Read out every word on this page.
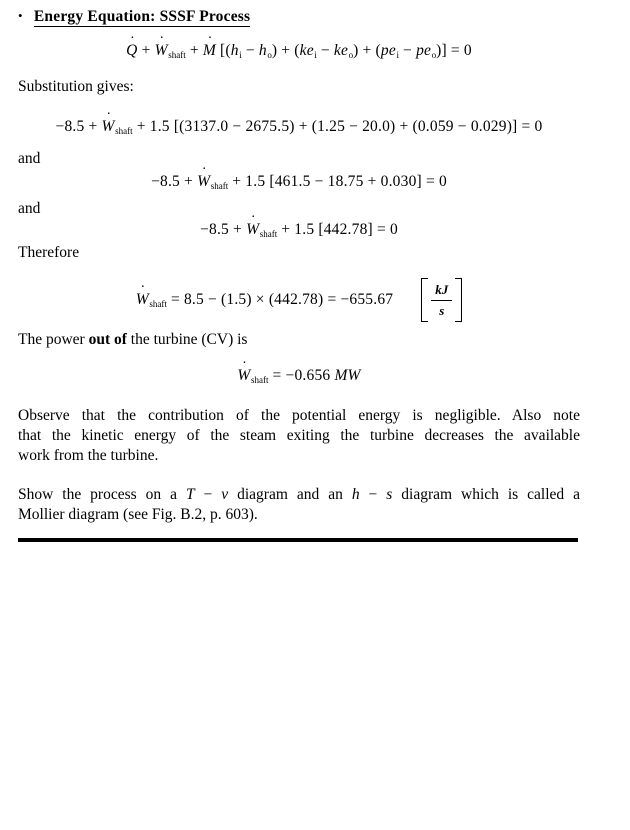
• Energy Equation: SSSF Process
Q ˙ + W $˙_{shaft} + M$ ˙ $[(h_i - h_o) + (ke_i - ke_o) + (pe_i - pe_o)] = 0$
Substitution gives:
−8.5 + W $˙_{shaft} + 1.5$ [(3137.0 − 2675.5) + (1.25 − 20.0) + (0.059 − 0.029)] = 0
and
−8.5 + W $˙_{shaft} + 1.5$ [461.5 − 18.75 + 0.030] = 0
and
−8.5 + W $˙_{shaft} + 1.5$ [442.78] = 0
Therefore
W $˙_{shaft} = 8.5 - (1.5) \times (442.78) = -655.67$	$\frac{kJ}{s}$
The power out of the turbine (CV) is
W $˙_{shaft} = -0.656$ MW
Observe that the contribution of the potential energy is negligible. Also note
that the kinetic energy of the steam exiting the turbine decreases the available
work from the turbine.
Show the process on a T − v diagram and an h − s diagram which is called a
Mollier diagram (see Fig. B.2, p. 603).
